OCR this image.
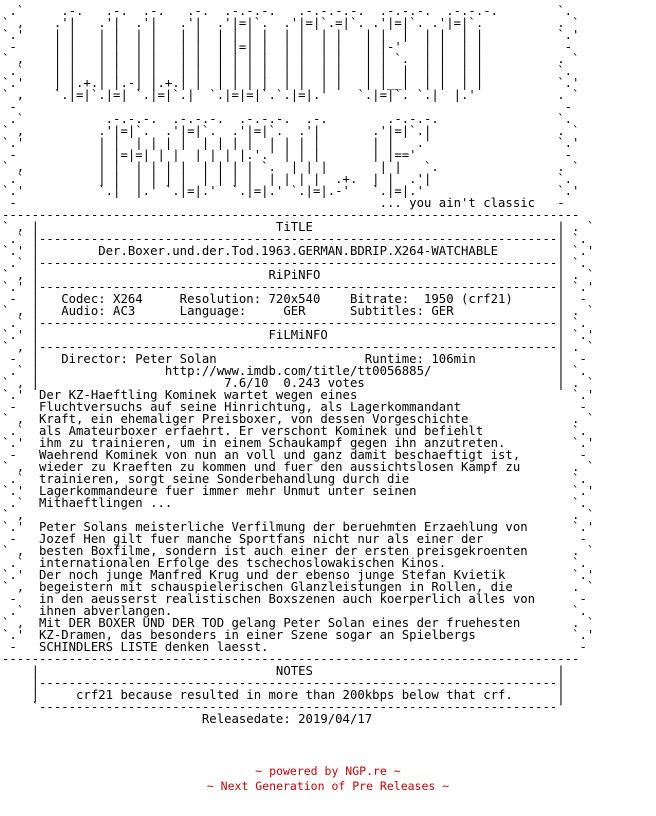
.`     .-.   .-.  .-.   .-.  .-.-.-.   .-.-.-.-.  .-.-.-.  .-.-.-.        `.
` ,    .'|   .'|  .'|   .'|  .'|=|`.  .'|=|`.=|`. .'|=|`. .'|=|`.          . `
`.'    | |   | |  | |   | |  | | | |  | |  | |   | |  |  | |  | |          `.'
-     | |   | |  | |   | |  | |=| |  | |  | |   | |-'   | |  | |           -
` ,    | |   | |  | |   | |  | | | |  | |  | |   | | `.  | |  | |          . `
.`    | |   | |  | |   | |  | | | |  | |  | |   | |  |  | |  | |          `.
`.'    | |.+.| |.-| |.+.| |  | | | |  | |  | |   | |__|  | |  | |          `.'
` ,    `.|=|`.|=| `.|=|`.|  `.|=|=|`.`.|=|.'    `.|=|`. `.|  |.'           . `
-                                                                          -
.`           .-.-.-.  .-.-.-.  .-.-.-.  .-.        .-.-.-.                `.
` ,          .'|=|`.  .'|=|`.  .'|=|`.  .'|       .'|=|`.|                 . `
`.'          | |  | | | |  | | | |  | | | |       | |   .'                 `.'
-           | |=|=| | |  | | | |.'.' | | |       | |=='                    -
` ,          | |  | | | |  | | | | `.  | | |       | |   `.                . `
.`          | |  | | | |  | | | |  | | | |  .+.  | |  .'|                 `.
`.'          `.|  |.' `.|=|.'  `.|=|.' `.|=|.-'   `.|=|.'                  `.'
-                                                 ... you ain't classic   -
------------------------------------------------------------------------------
` , |                                TiTLE                                 | . `
.` |----------------------------------------------------------------------| `.
`.' |        Der.Boxer.und.der.Tod.1963.GERMAN.BDRIP.X264-WATCHABLE        | `.'
.` |----------------------------------------------------------------------| `.
` , |                               RiPiNFO                                | . `
`.' |----------------------------------------------------------------------| `.'
-  |   Codec: X264     Resolution: 720x540    Bitrate:  1950 (crf21)      |  -
` , |   Audio: AC3      Language:     GER      Subtitles: GER              | . `
.` |----------------------------------------------------------------------| `.
`.' |                               FiLMiNFO                               | `.'
` , |----------------------------------------------------------------------| . `
-  |   Director: Peter Solan                    Runtime: 106min           |  -
.` |                 http://www.imdb.com/title/tt0056885/                 | `.
` , |                         7.6/10  0.243 votes                          | . `
`.'  Der KZ-Haeftling Kominek wartet wegen eines                             `.'
-   Fluchtversuchs auf seine Hinrichtung, als Lagerkommandant                -
` ,  Kraft, ein ehemaliger Preisboxer, von dessen Vorgeschichte              . `
.`  als Amateurboxer erfaehrt. Er verschont Kominek und befiehlt            `.
`.'  ihm zu trainieren, um in einem Schaukampf gegen ihn anzutreten.         `.'
-   Waehrend Kominek von nun an voll und ganz damit beschaeftigt ist,        -
` ,  wieder zu Kraeften zu kommen und fuer den aussichtslosen Kampf zu       . `
.`  trainieren, sorgt seine Sonderbehandlung durch die                      `.
`.'  Lagerkommandeure fuer immer mehr Unmut unter seinen                     `.'
.`  Mithaeftlingen ...                                                      `.
` ,                                                                          . `
`.'  Peter Solans meisterliche Verfilmung der beruehmten Erzaehlung von      `.'
-   Jozef Hen gilt fuer manche Sportfans nicht nur als einer der             -
` ,  besten Boxfilme, sondern ist auch einer der ersten preisgekroenten      . `
.`  internationalen Erfolge des tschechoslowakischen Kinos.                 `.
`.'  Der noch junge Manfred Krug und der ebenso junge Stefan Kvietik         `.'
` ,  begeistern mit schauspielerischen Glanzleistungen in Rollen, die        . `
-   in den aeusserst realistischen Boxszenen auch koerperlich alles von      -
.`  ihnen abverlangen.                                                      `.
` ,  Mit DER BOXER UND DER TOD gelang Peter Solan eines der fruehesten       . `
`.'  KZ-Dramen, das besonders in einer Szene sogar an Spielbergs             `.'
-   SCHINDLERS LISTE denken laesst.                                          -
------------------------------------------------------------------------------
|                                NOTES                                 |
|----------------------------------------------------------------------|
|     crf21 because resulted in more than 200kbps below that crf.      |
`----------------------------------------------------------------------'
Releasedate: 2019/04/17
~ powered by NGP.re ~
~ Next Generation of Pre Releases ~
